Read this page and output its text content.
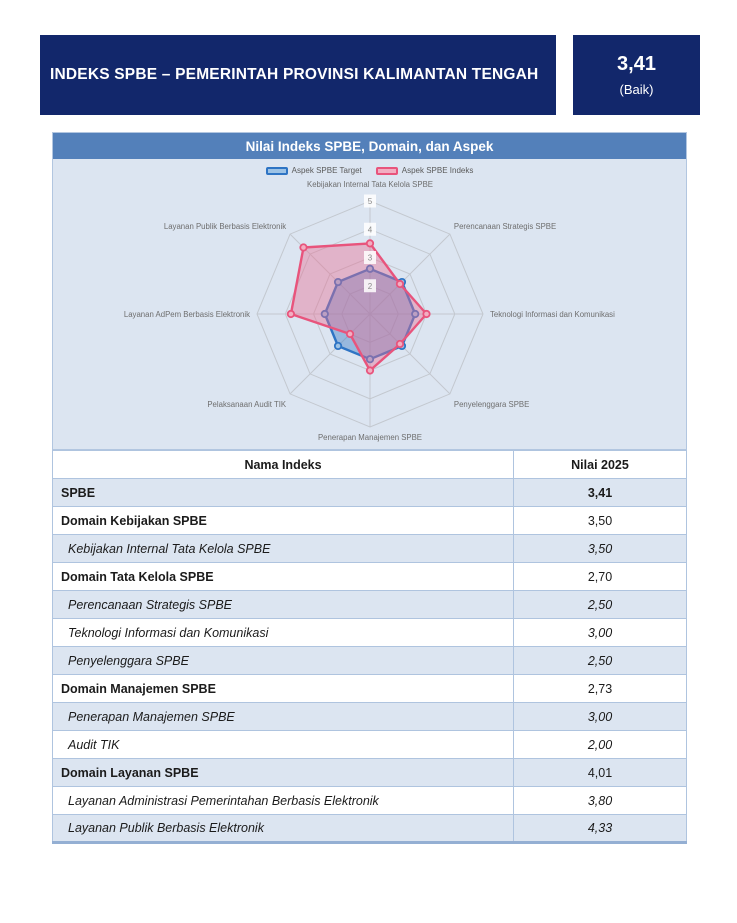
INDEKS SPBE – PEMERINTAH PROVINSI KALIMANTAN TENGAH	3,41
(Baik)
Nilai Indeks SPBE, Domain, dan Aspek
2
3
4
5
Kebijakan Internal Tata Kelola SPBE
Perencanaan Strategis SPBE
Teknologi Informasi dan Komunikasi
Penyelenggara SPBE
Penerapan Manajemen SPBE
Pelaksanaan Audit TIK
Layanan AdPem Berbasis Elektronik
Layanan Publik Berbasis Elektronik
Aspek SPBE Target	Aspek SPBE Indeks
Nama Indeks	Nilai 2025
SPBE	3,41
Domain Kebijakan SPBE	3,50
Kebijakan Internal Tata Kelola SPBE	3,50
Domain Tata Kelola SPBE	2,70
Perencanaan Strategis SPBE	2,50
Teknologi Informasi dan Komunikasi	3,00
Penyelenggara SPBE	2,50
Domain Manajemen SPBE	2,73
Penerapan Manajemen SPBE	3,00
Audit TIK	2,00
Domain Layanan SPBE	4,01
Layanan Administrasi Pemerintahan Berbasis Elektronik	3,80
Layanan Publik Berbasis Elektronik	4,33
